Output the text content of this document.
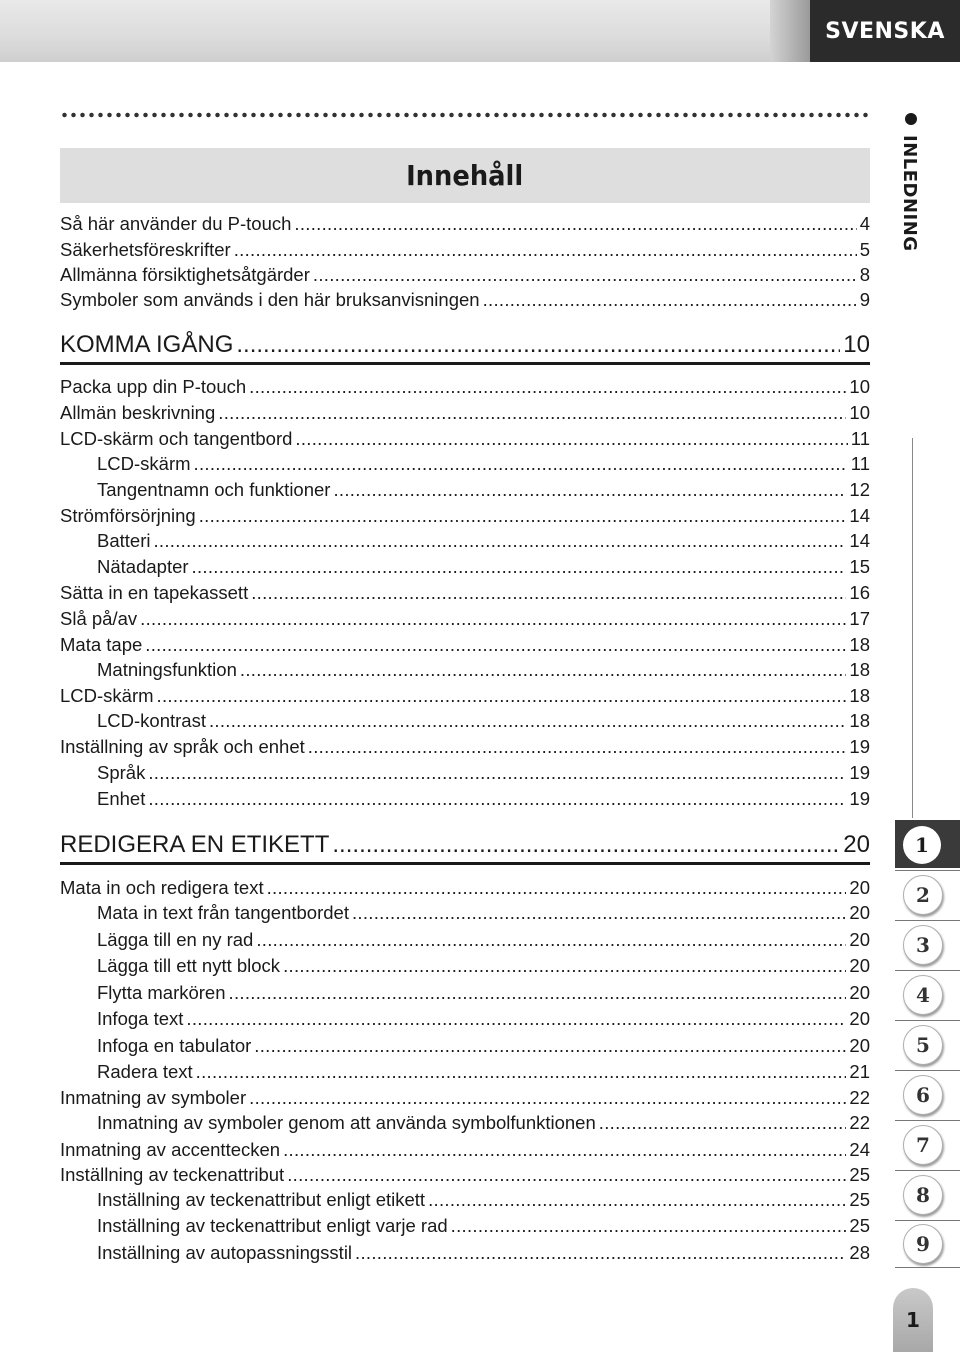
SVENSKA
Innehåll	INLEDNING
Så här använder du P-touch .....	4
Säkerhetsföreskrifter .....	5
Allmänna försiktighetsåtgärder .....	8
Symboler som används i den här bruksanvisningen .....	9
KOMMA IGÅNG .....	10
Packa upp din P-touch .....	10
Allmän beskrivning .....	10
LCD-skärm och tangentbord .....	11
LCD-skärm .....	11
Tangentnamn och funktioner .....	12
Strömförsörjning .....	14
Batteri .....	14
Nätadapter .....	15
Sätta in en tapekassett .....	16
Slå på/av .....	17
Mata tape .....	18
Matningsfunktion .....	18
LCD-skärm .....	18
LCD-kontrast .....	18
Inställning av språk och enhet .....	19
Språk .....	19
Enhet .....	19
REDIGERA EN ETIKETT .....	20
Mata in och redigera text .....	20
Mata in text från tangentbordet .....	20
Lägga till en ny rad .....	20
Lägga till ett nytt block .....	20
Flytta markören .....	20
Infoga text .....	20
Infoga en tabulator .....	20
Radera text .....	21
Inmatning av symboler .....	22
Inmatning av symboler genom att använda symbolfunktionen .....	22
Inmatning av accenttecken .....	24
Inställning av teckenattribut .....	25
Inställning av teckenattribut enligt etikett .....	25
Inställning av teckenattribut enligt varje rad .....	25
Inställning av autopassningsstil .....	28
1
2
3
4
5
6
7
8
9
1
